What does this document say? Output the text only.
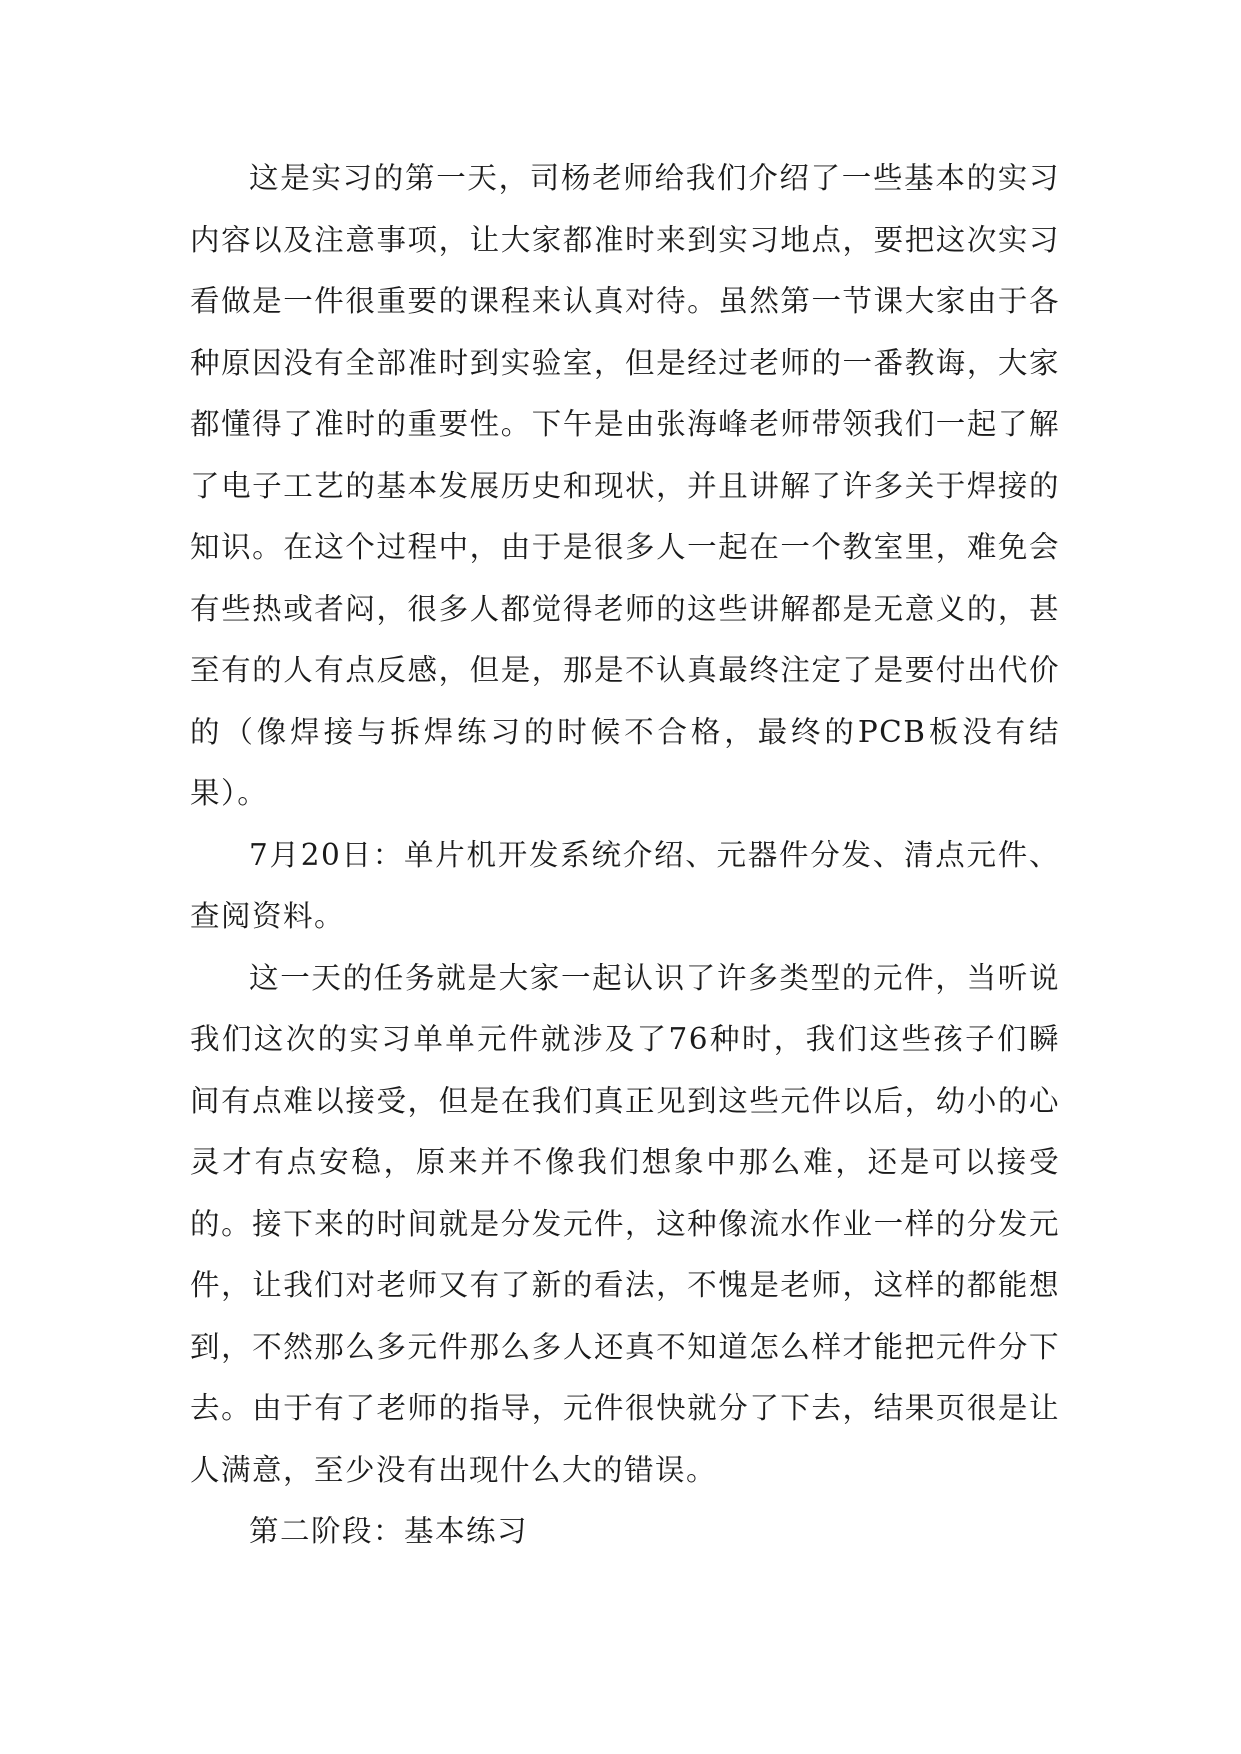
这是实习的第一天，司杨老师给我们介绍了一些基本的实习内容以及注意事项，让大家都准时来到实习地点，要把这次实习看做是一件很重要的课程来认真对待。虽然第一节课大家由于各种原因没有全部准时到实验室，但是经过老师的一番教诲，大家都懂得了准时的重要性。下午是由张海峰老师带领我们一起了解了电子工艺的基本发展历史和现状，并且讲解了许多关于焊接的知识。在这个过程中，由于是很多人一起在一个教室里，难免会有些热或者闷，很多人都觉得老师的这些讲解都是无意义的，甚至有的人有点反感，但是，那是不认真最终注定了是要付出代价的（像焊接与拆焊练习的时候不合格，最终的PCB板没有结果）。

7月20日：单片机开发系统介绍、元器件分发、清点元件、查阅资料。

这一天的任务就是大家一起认识了许多类型的元件，当听说我们这次的实习单单元件就涉及了76种时，我们这些孩子们瞬间有点难以接受，但是在我们真正见到这些元件以后，幼小的心灵才有点安稳，原来并不像我们想象中那么难，还是可以接受的。接下来的时间就是分发元件，这种像流水作业一样的分发元件，让我们对老师又有了新的看法，不愧是老师，这样的都能想到，不然那么多元件那么多人还真不知道怎么样才能把元件分下去。由于有了老师的指导，元件很快就分了下去，结果页很是让人满意，至少没有出现什么大的错误。

第二阶段：基本练习
